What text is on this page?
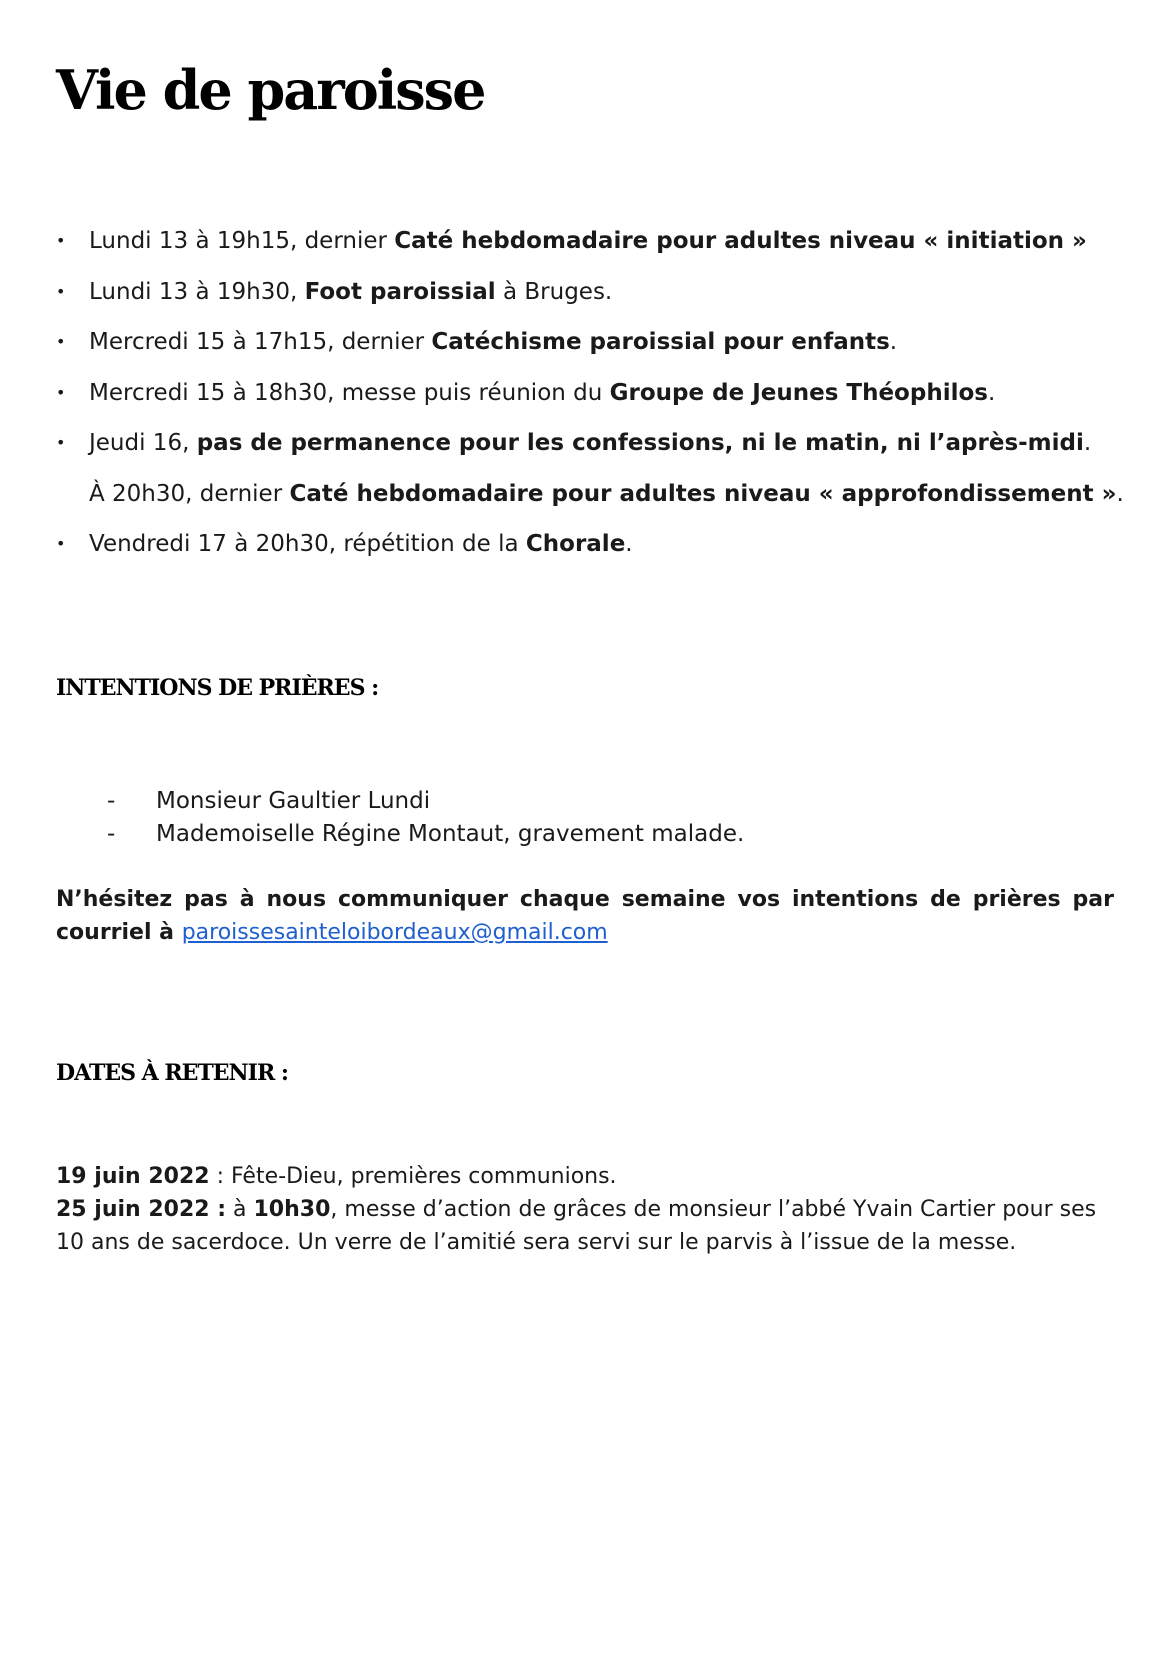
Vie de paroisse
• Lundi 13 à 19h15, dernier Caté hebdomadaire pour adultes niveau « initiation »
• Lundi 13 à 19h30, Foot paroissial à Bruges.
• Mercredi 15 à 17h15, dernier Catéchisme paroissial pour enfants.
• Mercredi 15 à 18h30, messe puis réunion du Groupe de Jeunes Théophilos.
• Jeudi 16, pas de permanence pour les confessions, ni le matin, ni l’après-midi.
À 20h30, dernier Caté hebdomadaire pour adultes niveau « approfondissement ».
• Vendredi 17 à 20h30, répétition de la Chorale.
INTENTIONS DE PRIÈRES :
- Monsieur Gaultier Lundi
- Mademoiselle Régine Montaut, gravement malade.

N’hésitez pas à nous communiquer chaque semaine vos intentions de prières par courriel à paroissesainteloibordeaux@gmail.com

DATES À RETENIR :

19 juin 2022 : Fête-Dieu, premières communions.
25 juin 2022 : à 10h30, messe d’action de grâces de monsieur l’abbé Yvain Cartier pour ses 10 ans de sacerdoce. Un verre de l’amitié sera servi sur le parvis à l’issue de la messe.
